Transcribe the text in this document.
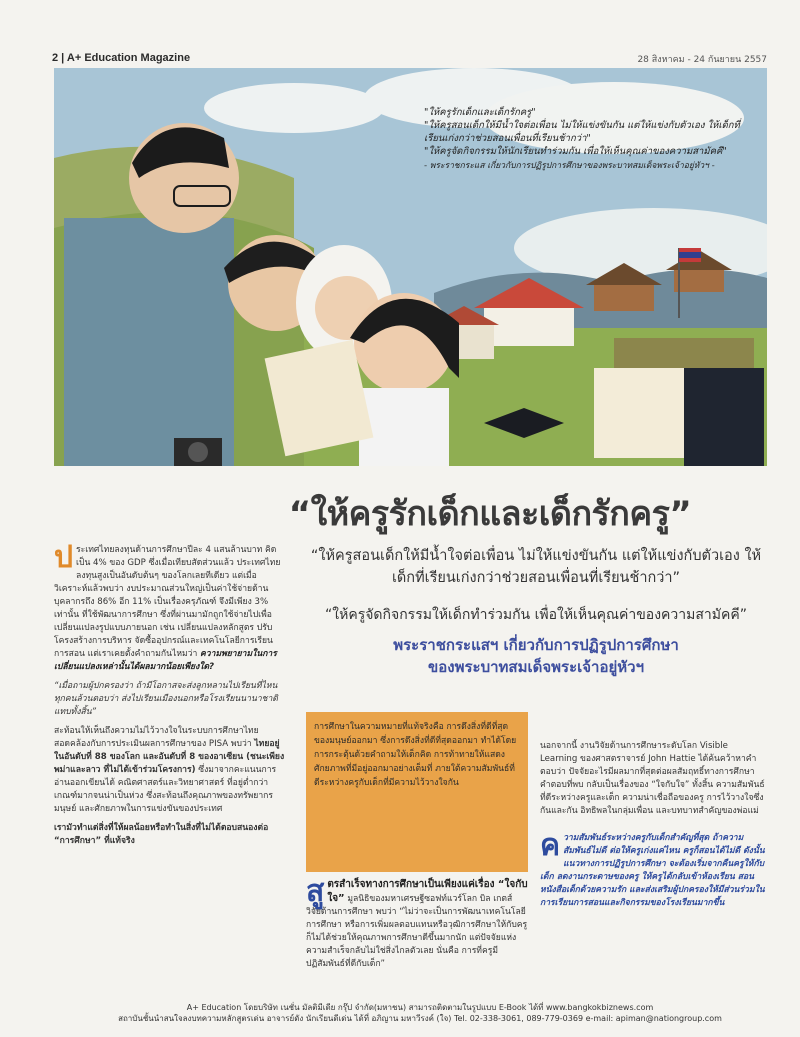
2 | A+ Education Magazine	28 สิงหาคม - 24 กันยายน 2557

"ให้ครูรักเด็กและเด็กรักครู"

"ให้ครูสอนเด็กให้มีน้ำใจต่อเพื่อน ไม่ให้แข่งขันกัน แต่ให้แข่งกับตัวเอง ให้เด็กที่เรียนเก่งกว่าช่วยสอนเพื่อนที่เรียนช้ากว่า"

"ให้ครูจัดกิจกรรมให้นักเรียนทำร่วมกัน เพื่อให้เห็นคุณค่าของความสามัคคี"

- พระราชกระแส เกี่ยวกับการปฏิรูปการศึกษาของพระบาทสมเด็จพระเจ้าอยู่หัวฯ -

“ให้ครูรักเด็กและเด็กรักครู”
“ให้ครูสอนเด็กให้มีน้ำใจต่อเพื่อน ไม่ให้แข่งขันกัน แต่ให้แข่งกับตัวเอง ให้เด็กที่เรียนเก่งกว่าช่วยสอนเพื่อนที่เรียนช้ากว่า”
“ให้ครูจัดกิจกรรมให้เด็กทำร่วมกัน เพื่อให้เห็นคุณค่าของความสามัคคี”
พระราชกระแสฯ เกี่ยวกับการปฏิรูปการศึกษา
ของพระบาทสมเด็จพระเจ้าอยู่หัวฯ

ประเทศไทยลงทุนด้านการศึกษาปีละ 4 แสนล้านบาท คิดเป็น 4% ของ GDP ซึ่งเมื่อเทียบสัดส่วนแล้ว ประเทศไทยลงทุนสูงเป็นอันดับต้นๆ ของโลกเลยทีเดียว แต่เมื่อวิเคราะห์แล้วพบว่า งบประมาณส่วนใหญ่เป็นค่าใช้จ่ายด้านบุคลากรถึง 86% อีก 11% เป็นเรื่องครุภัณฑ์ จึงมีเพียง 3% เท่านั้น ที่ใช้พัฒนาการศึกษา ซึ่งที่ผ่านมามักถูกใช้จ่ายไปเพื่อเปลี่ยนแปลงรูปแบบภายนอก เช่น เปลี่ยนแปลงหลักสูตร ปรับโครงสร้างการบริหาร จัดซื้ออุปกรณ์และเทคโนโลยีการเรียนการสอน แต่เราเคยตั้งคำถามกันไหมว่า ความพยายามในการเปลี่ยนแปลงเหล่านั้นได้ผลมากน้อยเพียงใด?

“เมื่อถามผู้ปกครองว่า ถ้ามีโอกาสจะส่งลูกหลานไปเรียนที่ไหน ทุกคนล้วนตอบว่า ส่งไปเรียนเมืองนอกหรือโรงเรียนนานาชาติแทบทั้งสิ้น”

สะท้อนให้เห็นถึงความไม่ไว้วางใจในระบบการศึกษาไทย สอดคล้องกับการประเมินผลการศึกษาของ PISA พบว่า ไทยอยู่ในอันดับที่ 88 ของโลก และอันดับที่ 8 ของอาเซียน (ชนะเพียงพม่าและลาว ที่ไม่ได้เข้าร่วมโครงการ) ซึ่งมาจากคะแนนการอ่านออกเขียนได้ คณิตศาสตร์และวิทยาศาสตร์ ที่อยู่ต่ำกว่าเกณฑ์มากจนน่าเป็นห่วง ซึ่งสะท้อนถึงคุณภาพของทรัพยากรมนุษย์ และศักยภาพในการแข่งขันของประเทศ

เรามัวทำแต่สิ่งที่ให้ผลน้อยหรือทำในสิ่งที่ไม่ได้ตอบสนองต่อ “การศึกษา” ที่แท้จริง

การศึกษาในความหมายที่แท้จริงคือ การดึงสิ่งที่ดีที่สุดของมนุษย์ออกมา ซึ่งการดึงสิ่งที่ดีที่สุดออกมา ทำได้โดย การกระตุ้นด้วยคำถามให้เด็กคิด การท้าทายให้แสดงศักยภาพที่มีอยู่ออกมาอย่างเต็มที่ ภายใต้ความสัมพันธ์ที่ดีระหว่างครูกับเด็กที่มีความไว้วางใจกัน
สูตรสำเร็จทางการศึกษาเป็นเพียงแค่เรื่อง “ใจกับใจ” มูลนิธิของมหาเศรษฐีซอฟท์แวร์โลก บิล เกตส์ วิจัยด้านการศึกษา พบว่า “ไม่ว่าจะเป็นการพัฒนาเทคโนโลยีการศึกษา หรือการเพิ่มผลตอบแทนหรือวุฒิการศึกษาให้กับครู ก็ไม่ได้ช่วยให้คุณภาพการศึกษาดีขึ้นมากนัก แต่ปัจจัยแห่งความสำเร็จกลับไม่ใช่สิ่งไกลตัวเลย นั่นคือ การที่ครูมีปฏิสัมพันธ์ที่ดีกับเด็ก”
นอกจากนี้ งานวิจัยด้านการศึกษาระดับโลก Visible Learning ของศาสตราจารย์ John Hattie ได้ค้นคว้าหาคำตอบว่า ปัจจัยอะไรมีผลมากที่สุดต่อผลสัมฤทธิ์ทางการศึกษา คำตอบที่พบ กลับเป็นเรื่องของ “ใจกับใจ” ทั้งสิ้น ความสัมพันธ์ที่ดีระหว่างครูและเด็ก ความน่าเชื่อถือของครู การไว้วางใจซึ่งกันและกัน อิทธิพลในกลุ่มเพื่อน และบทบาทสำคัญของพ่อแม่
ความสัมพันธ์ระหว่างครูกับเด็กสำคัญที่สุด ถ้าความสัมพันธ์ไม่ดี ต่อให้ครูเก่งแค่ไหน ครูก็สอนได้ไม่ดี ดังนั้น แนวทางการปฏิรูปการศึกษา จะต้องเริ่มจากคืนครูให้กับเด็ก ลดงานกระดาษของครู ให้ครูได้กลับเข้าห้องเรียน สอนหนังสือเด็กด้วยความรัก และส่งเสริมผู้ปกครองให้มีส่วนร่วมในการเรียนการสอนและกิจกรรมของโรงเรียนมากขึ้น
A+ Education โดยบริษัท เนชั่น มัลติมีเดีย กรุ๊ป จำกัด(มหาชน) สามารถติดตามในรูปแบบ E-Book ได้ที่ www.bangkokbiznews.com
สถาบันชั้นนำสนใจลงบทความหลักสูตรเด่น อาจารย์ดัง นักเรียนดีเด่น ได้ที่ อภิญาน มหาวีรงค์ (ใจ) Tel. 02-338-3061, 089-779-0369 e-mail: apiman@nationgroup.com
